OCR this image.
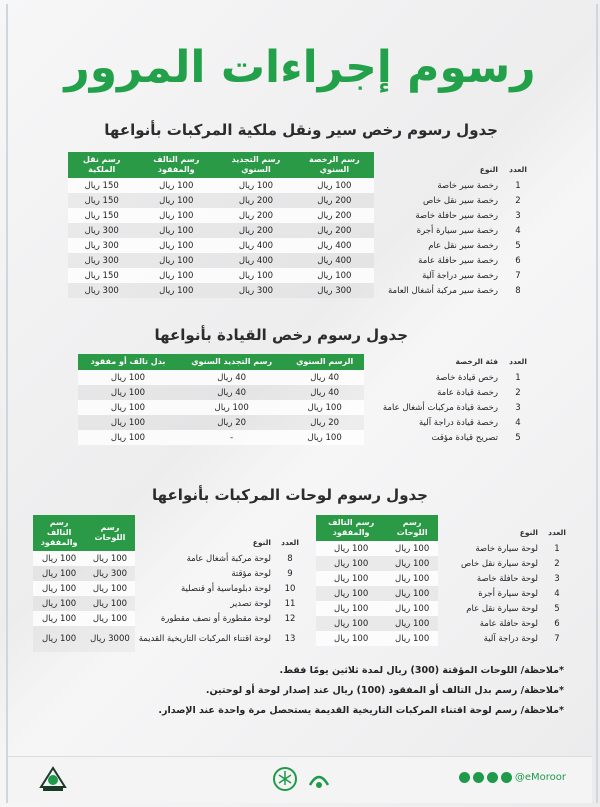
رسوم إجراءات المرور
جدول رسوم رخص سير ونقل ملكية المركبات بأنواعها
العدد	النوع	رسم الرخصة السنوي	رسم التجديد السنوي	رسم التالف والمفقود	رسم نقل الملكية
1	رخصة سير خاصة	100 ريال	100 ريال	100 ريال	150 ريال
2	رخصة سير نقل خاص	200 ريال	200 ريال	100 ريال	150 ريال
3	رخصة سير حافلة خاصة	200 ريال	200 ريال	100 ريال	150 ريال
4	رخصة سير سيارة أجرة	200 ريال	200 ريال	100 ريال	300 ريال
5	رخصة سير نقل عام	400 ريال	400 ريال	100 ريال	300 ريال
6	رخصة سير حافلة عامة	400 ريال	400 ريال	100 ريال	300 ريال
7	رخصة سير دراجة آلية	100 ريال	100 ريال	100 ريال	150 ريال
8	رخصة سير مركبة أشغال العامة	300 ريال	300 ريال	100 ريال	300 ريال
جدول رسوم رخص القيادة بأنواعها
العدد	فئة الرخصة	الرسم السنوي	رسم التجديد السنوي	بدل تالف أو مفقود
1	رخص قيادة خاصة	40 ريال	40 ريال	100 ريال
2	رخصة قيادة عامة	40 ريال	40 ريال	100 ريال
3	رخصة قيادة مركبات أشغال عامة	100 ريال	100 ريال	100 ريال
4	رخصة قيادة دراجة آلية	20 ريال	20 ريال	100 ريال
5	تصريح قيادة مؤقت	100 ريال	-	100 ريال
جدول رسوم لوحات المركبات بأنواعها
العدد	النوع	رسم اللوحات	رسم التالف والمفقود
1	لوحة سيارة خاصة	100 ريال	100 ريال
2	لوحة سيارة نقل خاص	100 ريال	100 ريال
3	لوحة حافلة خاصة	100 ريال	100 ريال
4	لوحة سيارة أجرة	100 ريال	100 ريال
5	لوحة سيارة نقل عام	100 ريال	100 ريال
6	لوحة حافلة عامة	100 ريال	100 ريال
7	لوحة دراجة آلية	100 ريال	100 ريال
العدد	النوع	رسم اللوحات	رسم التالف والمفقود
8	لوحة مركبة أشغال عامة	100 ريال	100 ريال
9	لوحة مؤقتة	300 ريال	100 ريال
10	لوحة دبلوماسية أو قنصلية	100 ريال	100 ريال
11	لوحة تصدير	100 ريال	100 ريال
12	لوحة مقطورة أو نصف مقطورة	100 ريال	100 ريال
13	لوحة اقتناء المركبات التاريخية القديمة	3000 ريال	100 ريال
*ملاحظة/ اللوحات المؤقتة (300) ريال لمدة ثلاثين يومًا فقط.
*ملاحظة/ رسم بدل التالف أو المفقود (100) ريال عند إصدار لوحة أو لوحتين.
*ملاحظة/ رسم لوحة اقتناء المركبات التاريخية القديمة يستحصل مرة واحدة عند الإصدار.
@eMoroor
